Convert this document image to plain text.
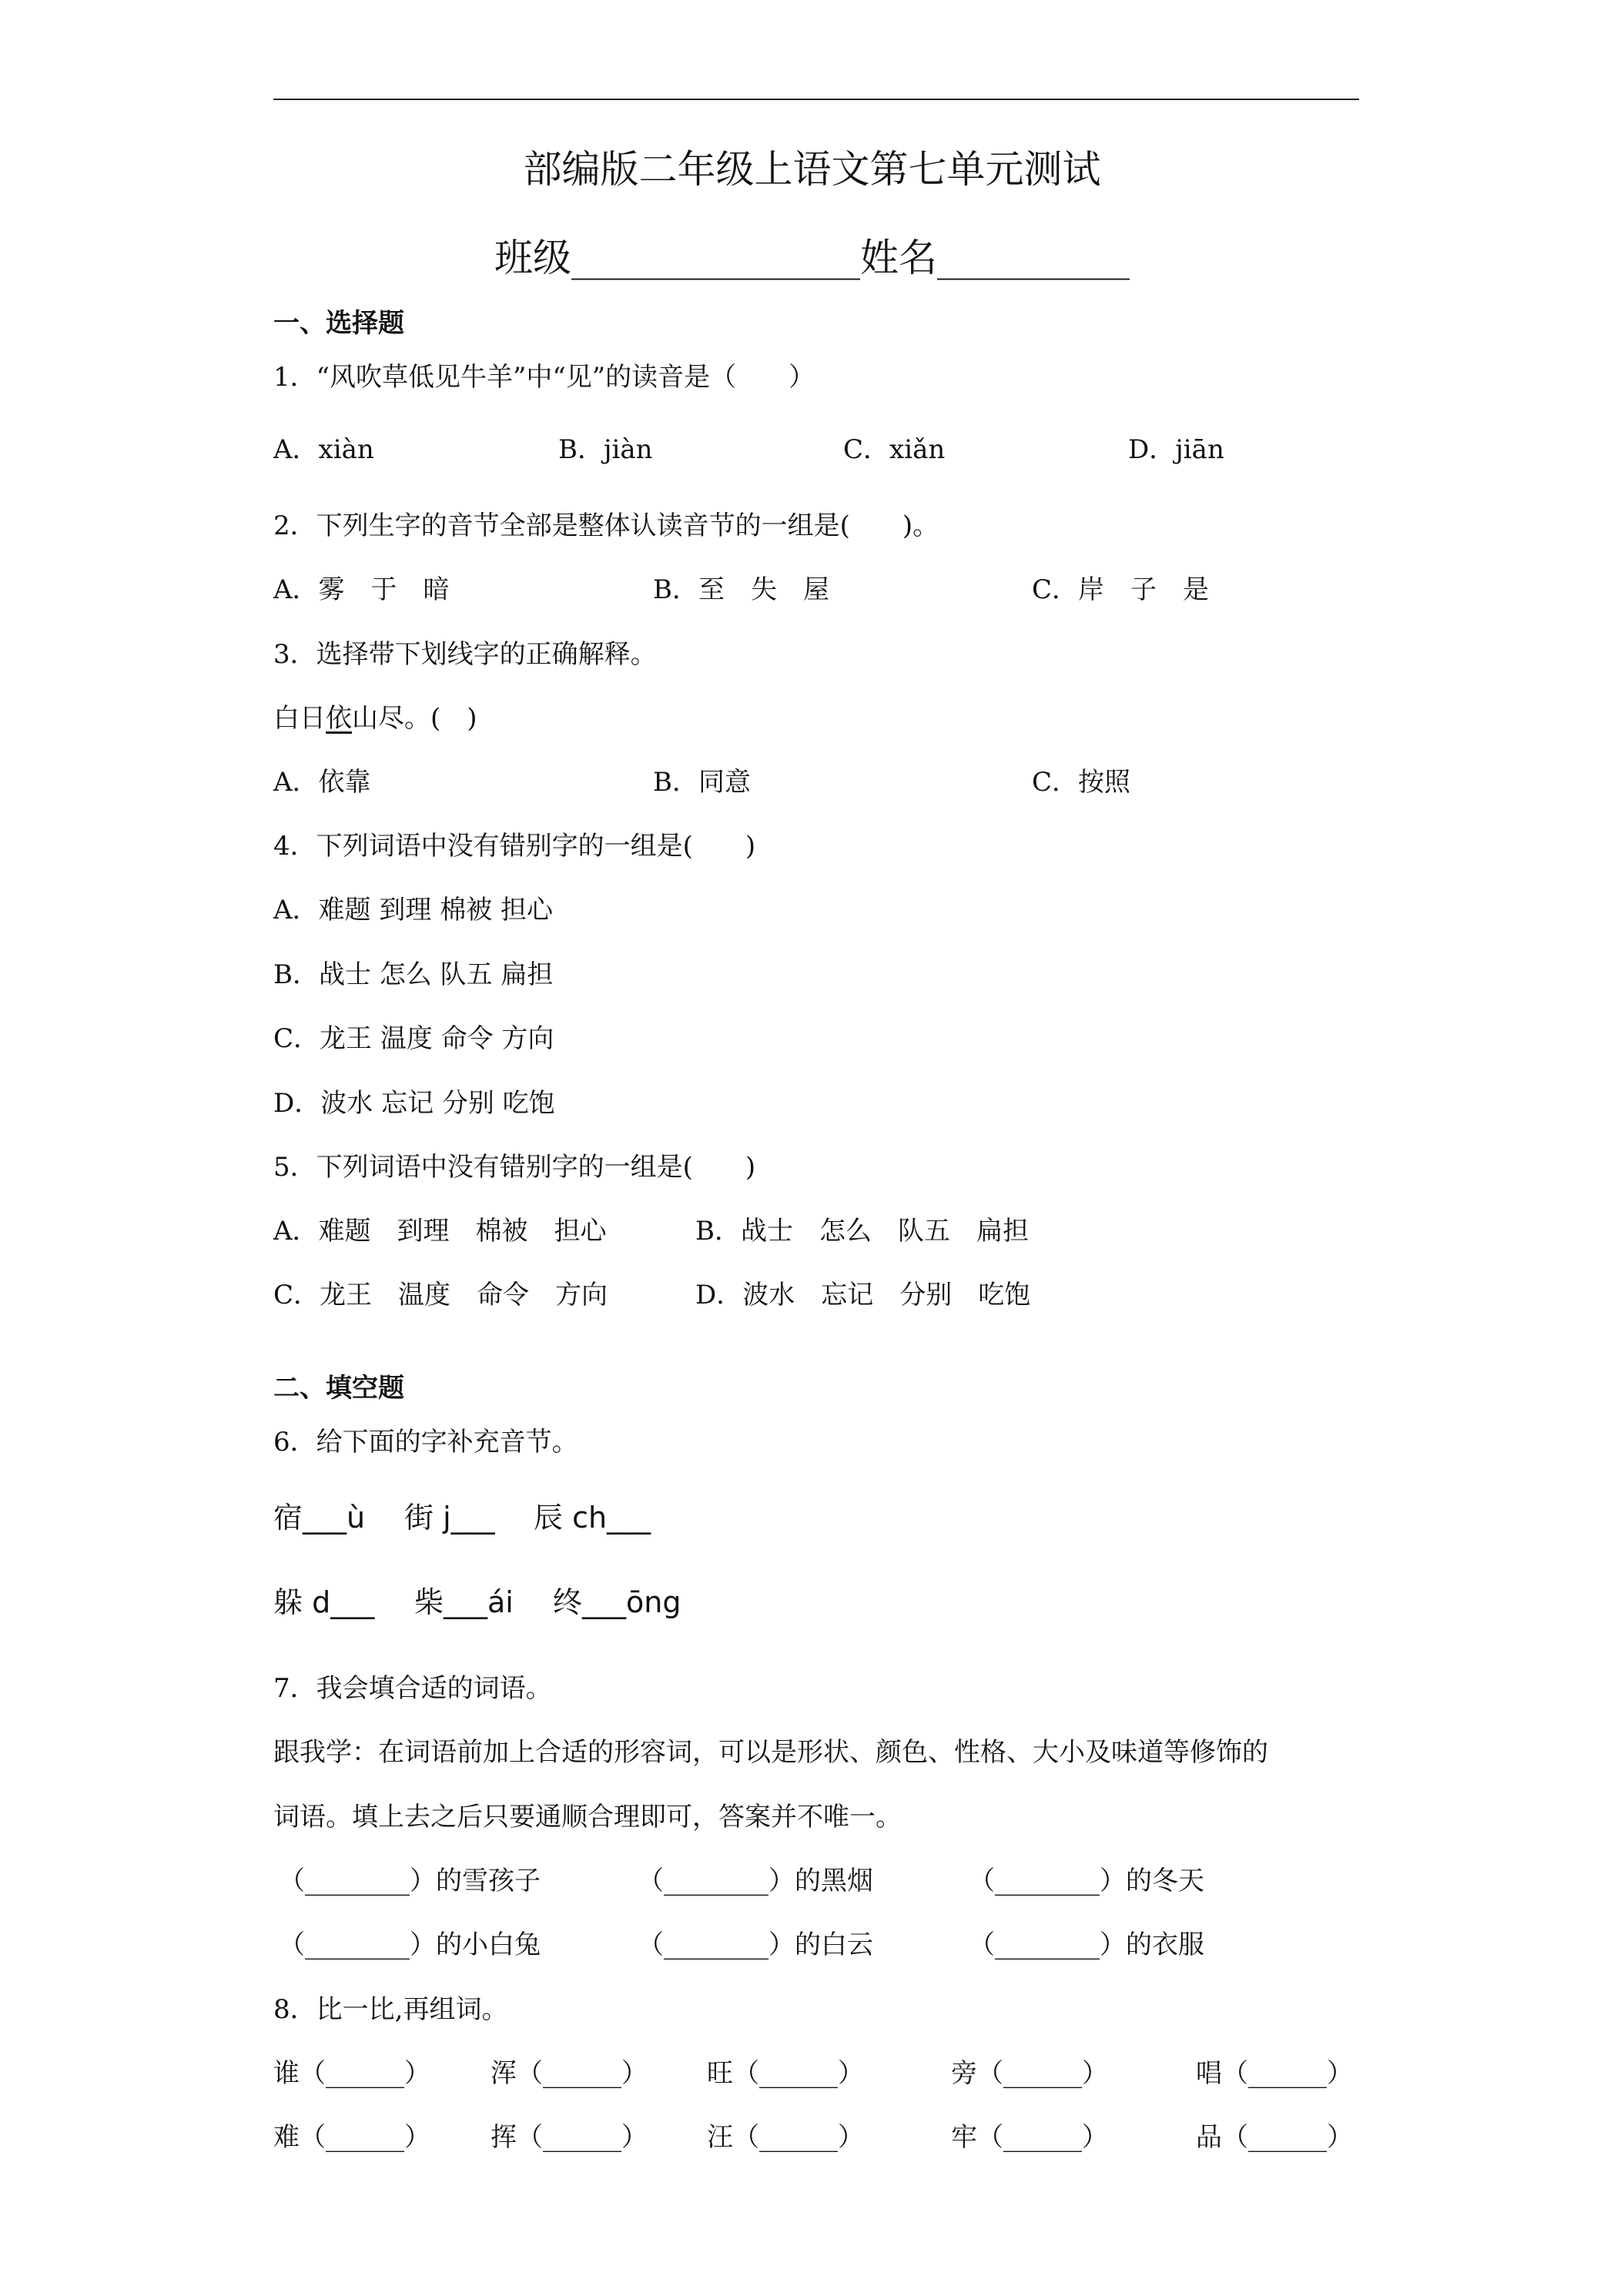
部编版二年级上语文第七单元测试
班级_______________姓名__________
一、选择题
1．“风吹草低见牛羊”中“见”的读音是（　　）
A．xiàn	B．jiàn	C．xiǎn	D．jiān
2．下列生字的音节全部是整体认读音节的一组是(　　)。
A．雾　于　暗	B．至　失　屋	C．岸　子　是
3．选择带下划线字的正确解释。
白日依山尽。(　)
A．依靠	B．同意	C．按照
4．下列词语中没有错别字的一组是(　　)
A．难题 到理 棉被 担心
B．战士 怎么 队五 扁担
C．龙王 温度 命令 方向
D．波水 忘记 分别 吃饱
5．下列词语中没有错别字的一组是(　　)
A．难题　到理　棉被　担心	B．战士　怎么　队五　扁担
C．龙王　温度　命令　方向	D．波水　忘记　分别　吃饱
二、填空题
6．给下面的字补充音节。
宿___ù 街 j___ 辰 ch___
躲 d___ 柴___ái 终___ōng
7．我会填合适的词语。
跟我学：在词语前加上合适的形容词，可以是形状、颜色、性格、大小及味道等修饰的
词语。填上去之后只要通顺合理即可，答案并不唯一。
（________）的雪孩子	（________）的黑烟	（________）的冬天
（________）的小白兔	（________）的白云	（________）的衣服
8．比一比,再组词。
谁（______） 浑（______） 旺（______）	旁（______）	唱（______）
难（______） 挥（______） 汪（______）	牢（______）	品（______）
